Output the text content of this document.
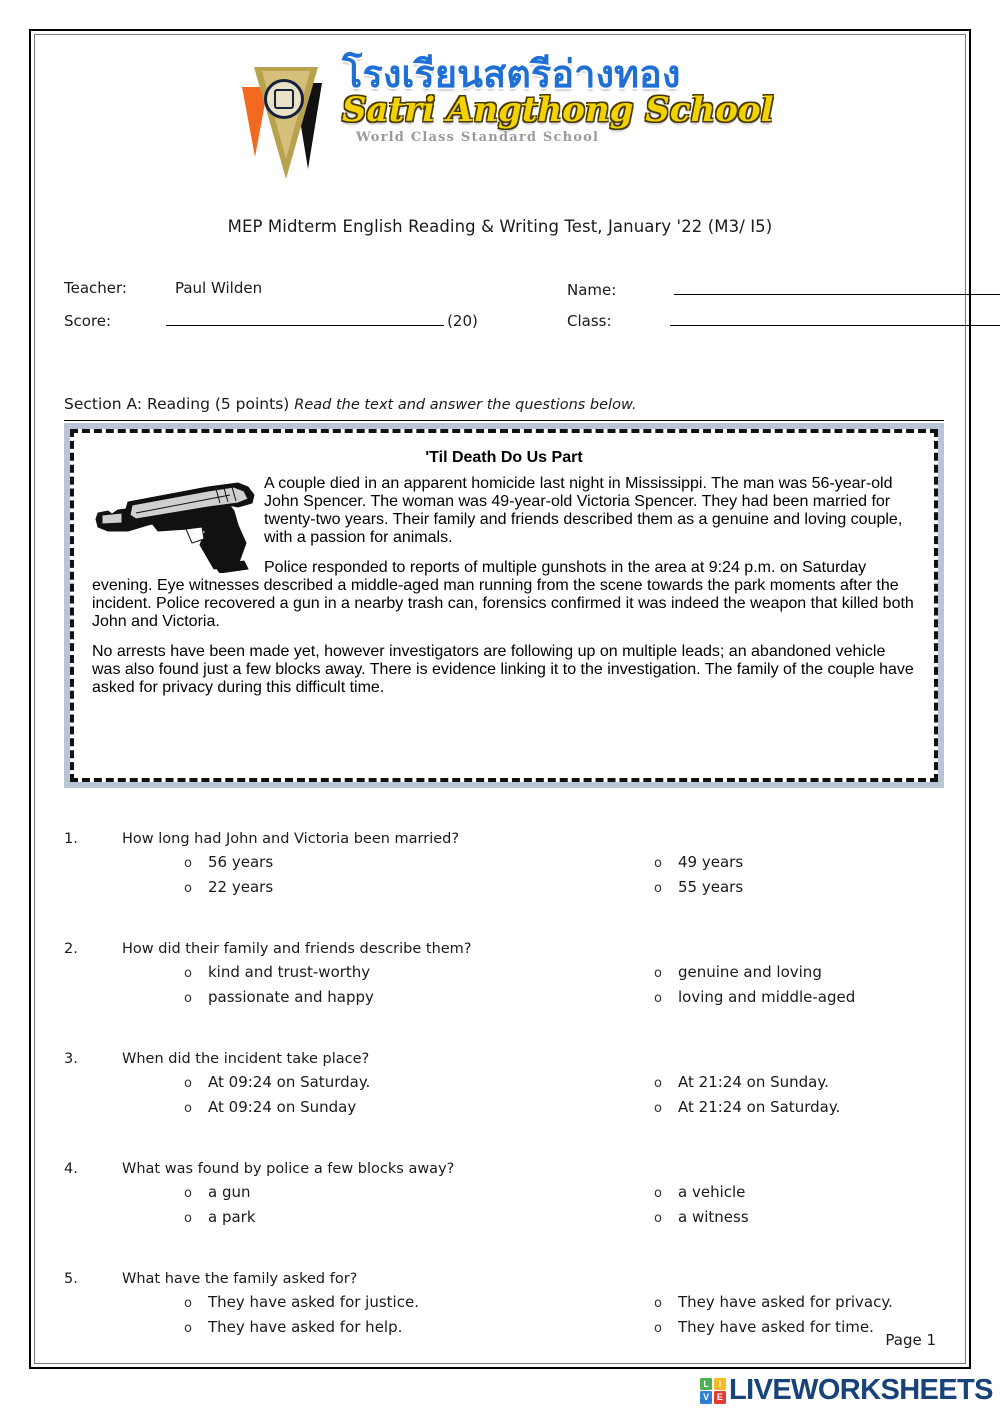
โรงเรียนสตรีอ่างทอง
Satri Angthong School
World Class Standard School
MEP Midterm English Reading & Writing Test, January '22 (M3/ I5)
Teacher:	Paul Wilden
Score:	(20)
Name:
Class:
Section A: Reading (5 points) Read the text and answer the questions below.
'Til Death Do Us Part

A couple died in an apparent homicide last night in Mississippi. The man was 56-year-old John Spencer. The woman was 49-year-old Victoria Spencer. They had been married for twenty-two years. Their family and friends described them as a genuine and loving couple, with a passion for animals.

Police responded to reports of multiple gunshots in the area at 9:24 p.m. on Saturday evening. Eye witnesses described a middle-aged man running from the scene towards the park moments after the incident. Police recovered a gun in a nearby trash can, forensics confirmed it was indeed the weapon that killed both John and Victoria.

No arrests have been made yet, however investigators are following up on multiple leads; an abandoned vehicle was also found just a few blocks away. There is evidence linking it to the investigation. The family of the couple have asked for privacy during this difficult time.

1.	How long had John and Victoria been married?
o	56 years
o	22 years
o	49 years
o	55 years
2.	How did their family and friends describe them?
o	kind and trust-worthy
o	passionate and happy
o	genuine and loving
o	loving and middle-aged
3.	When did the incident take place?
o	At 09:24 on Saturday.
o	At 09:24 on Sunday
o	At 21:24 on Sunday.
o	At 21:24 on Saturday.
4.	What was found by police a few blocks away?
o	a gun
o	a park
o	a vehicle
o	a witness
5.	What have the family asked for?
o	They have asked for justice.
o	They have asked for help.
o	They have asked for privacy.
o	They have asked for time.
Page 1
L	I
V E LIVEWORKSHEETS
